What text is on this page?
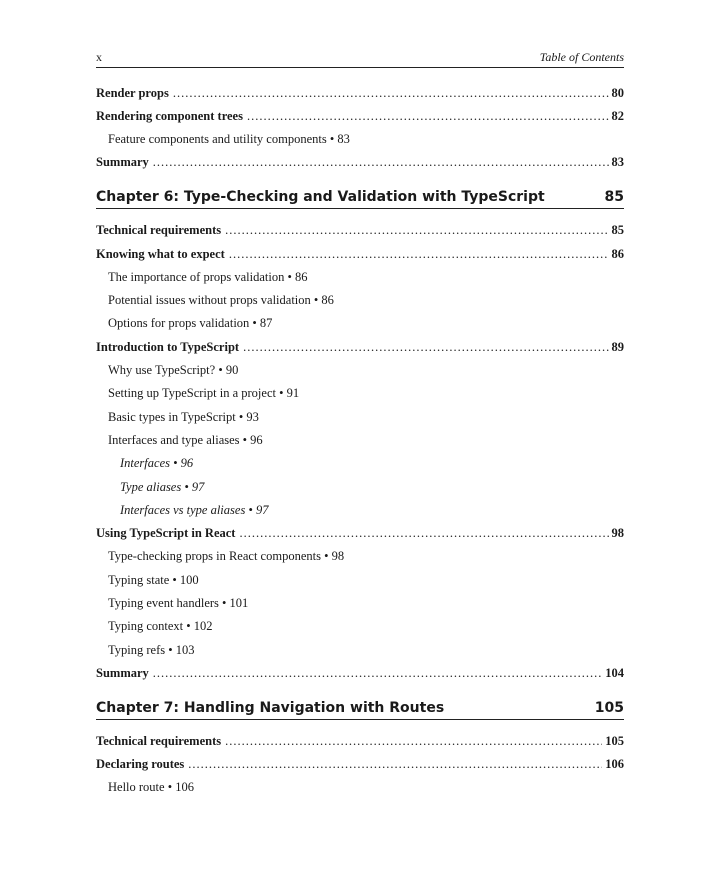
x	Table of Contents
Render props .....	80
Rendering component trees .....	82
Feature components and utility components • 83
Summary .....	83
Chapter 6: Type-Checking and Validation with TypeScript	85
Technical requirements .....	85
Knowing what to expect .....	86
The importance of props validation • 86
Potential issues without props validation • 86
Options for props validation • 87
Introduction to TypeScript .....	89
Why use TypeScript? • 90
Setting up TypeScript in a project • 91
Basic types in TypeScript • 93
Interfaces and type aliases • 96
Interfaces • 96
Type aliases • 97
Interfaces vs type aliases • 97
Using TypeScript in React .....	98
Type-checking props in React components • 98
Typing state • 100
Typing event handlers • 101
Typing context • 102
Typing refs • 103
Summary .....	104
Chapter 7: Handling Navigation with Routes	105
Technical requirements .....	105
Declaring routes .....	106
Hello route • 106
